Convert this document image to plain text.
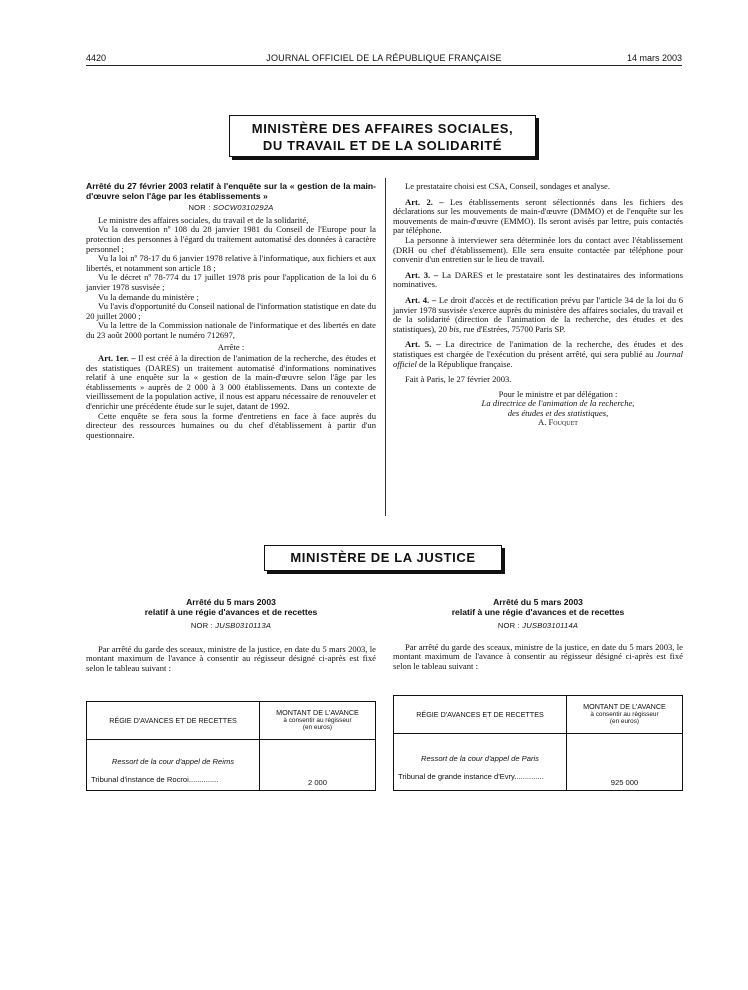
4420	JOURNAL OFFICIEL DE LA RÉPUBLIQUE FRANÇAISE	14 mars 2003
MINISTÈRE DES AFFAIRES SOCIALES,
DU TRAVAIL ET DE LA SOLIDARITÉ
Arrêté du 27 février 2003 relatif à l'enquête sur la « gestion de la main-d'œuvre selon l'âge par les établissements »
NOR : SOCW0310292A

Le ministre des affaires sociales, du travail et de la solidarité,

Vu la convention nº 108 du 28 janvier 1981 du Conseil de l'Europe pour la protection des personnes à l'égard du traitement automatisé des données à caractère personnel ;

Vu la loi nº 78-17 du 6 janvier 1978 relative à l'informatique, aux fichiers et aux libertés, et notamment son article 18 ;

Vu le décret nº 78-774 du 17 juillet 1978 pris pour l'application de la loi du 6 janvier 1978 susvisée ;

Vu la demande du ministère ;

Vu l'avis d'opportunité du Conseil national de l'information statistique en date du 20 juillet 2000 ;

Vu la lettre de la Commission nationale de l'informatique et des libertés en date du 23 août 2000 portant le numéro 712697,

Arrête :

Art. 1er. – Il est créé à la direction de l'animation de la recherche, des études et des statistiques (DARES) un traitement automatisé d'informations nominatives relatif à une enquête sur la « gestion de la main-d'œuvre selon l'âge par les établissements » auprès de 2 000 à 3 000 établissements. Dans un contexte de vieillissement de la population active, il nous est apparu nécessaire de renouveler et d'enrichir une précédente étude sur le sujet, datant de 1992.

Cette enquête se fera sous la forme d'entretiens en face à face auprès du directeur des ressources humaines ou du chef d'établissement à partir d'un questionnaire.

Le prestataire choisi est CSA, Conseil, sondages et analyse.

Art. 2. – Les établissements seront sélectionnés dans les fichiers des déclarations sur les mouvements de main-d'œuvre (DMMO) et de l'enquête sur les mouvements de main-d'œuvre (EMMO). Ils seront avisés par lettre, puis contactés par téléphone.

La personne à interviewer sera déterminée lors du contact avec l'établissement (DRH ou chef d'établissement). Elle sera ensuite contactée par téléphone pour convenir d'un entretien sur le lieu de travail.

Art. 3. – La DARES et le prestataire sont les destinataires des informations nominatives.

Art. 4. – Le droit d'accès et de rectification prévu par l'article 34 de la loi du 6 janvier 1978 susvisée s'exerce auprès du ministère des affaires sociales, du travail et de la solidarité (direction de l'animation de la recherche, des études et des statistiques), 20 bis, rue d'Estrées, 75700 Paris SP.

Art. 5. – La directrice de l'animation de la recherche, des études et des statistiques est chargée de l'exécution du présent arrêté, qui sera publié au Journal officiel de la République française.

Fait à Paris, le 27 février 2003.

Pour le ministre et par délégation :
La directrice de l'animation de la recherche,
des études et des statistiques,
A. Fouquet
MINISTÈRE DE LA JUSTICE
Arrêté du 5 mars 2003
relatif à une régie d'avances et de recettes
NOR : JUSB0310113A

Par arrêté du garde des sceaux, ministre de la justice, en date du 5 mars 2003, le montant maximum de l'avance à consentir au régisseur désigné ci-après est fixé selon le tableau suivant :

RÉGIE D'AVANCES ET DE RECETTES	MONTANT DE L'AVANCE
à consentir au régisseur
(en euros)

Ressort de la cour d'appel de Reims
Tribunal d'instance de Rocroi..............	2 000
Arrêté du 5 mars 2003
relatif à une régie d'avances et de recettes
NOR : JUSB0310114A

Par arrêté du garde des sceaux, ministre de la justice, en date du 5 mars 2003, le montant maximum de l'avance à consentir au régisseur désigné ci-après est fixé selon le tableau suivant :

RÉGIE D'AVANCES ET DE RECETTES	MONTANT DE L'AVANCE
à consentir au régisseur
(en euros)

Ressort de la cour d'appel de Paris
Tribunal de grande instance d'Evry..............	925 000
